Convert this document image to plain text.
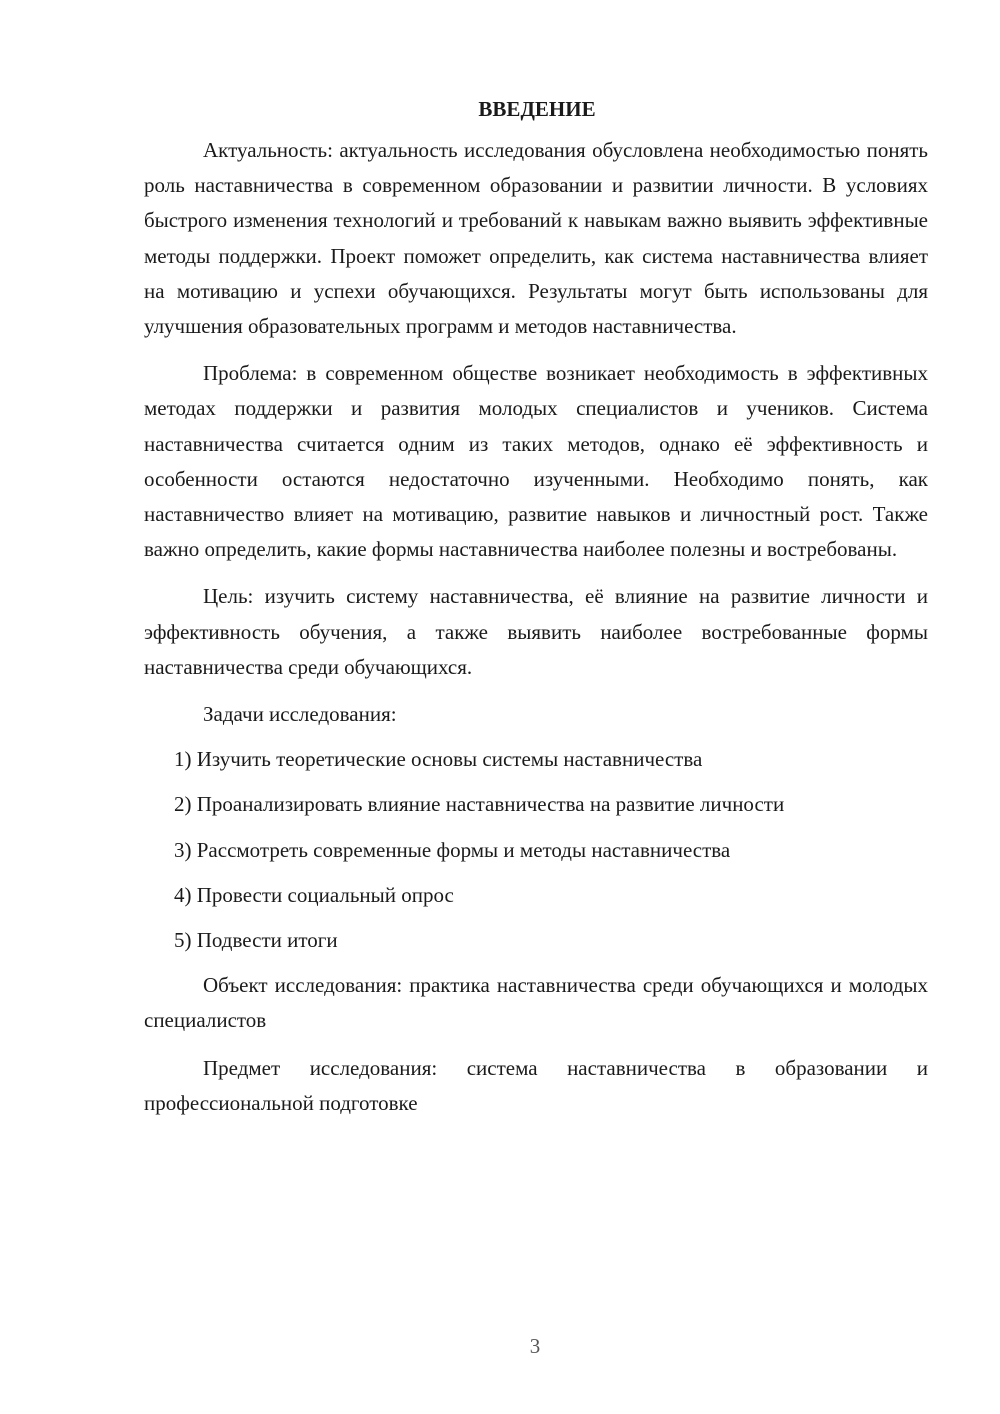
ВВЕДЕНИЕ

Актуальность: актуальность исследования обусловлена необходимостью понять роль наставничества в современном образовании и развитии личности. В условиях быстрого изменения технологий и требований к навыкам важно выявить эффективные методы поддержки. Проект поможет определить, как система наставничества влияет на мотивацию и успехи обучающихся. Результаты могут быть использованы для улучшения образовательных программ и методов наставничества.

Проблема: в современном обществе возникает необходимость в эффективных методах поддержки и развития молодых специалистов и учеников. Система наставничества считается одним из таких методов, однако её эффективность и особенности остаются недостаточно изученными. Необходимо понять, как наставничество влияет на мотивацию, развитие навыков и личностный рост. Также важно определить, какие формы наставничества наиболее полезны и востребованы.

Цель: изучить систему наставничества, её влияние на развитие личности и эффективность обучения, а также выявить наиболее востребованные формы наставничества среди обучающихся.

Задачи исследования:

1) Изучить теоретические основы системы наставничества
2) Проанализировать влияние наставничества на развитие личности
3) Рассмотреть современные формы и методы наставничества
4) Провести социальный опрос
5) Подвести итоги

Объект исследования: практика наставничества среди обучающихся и молодых специалистов

Предмет исследования: система наставничества в образовании и профессиональной подготовке

3
